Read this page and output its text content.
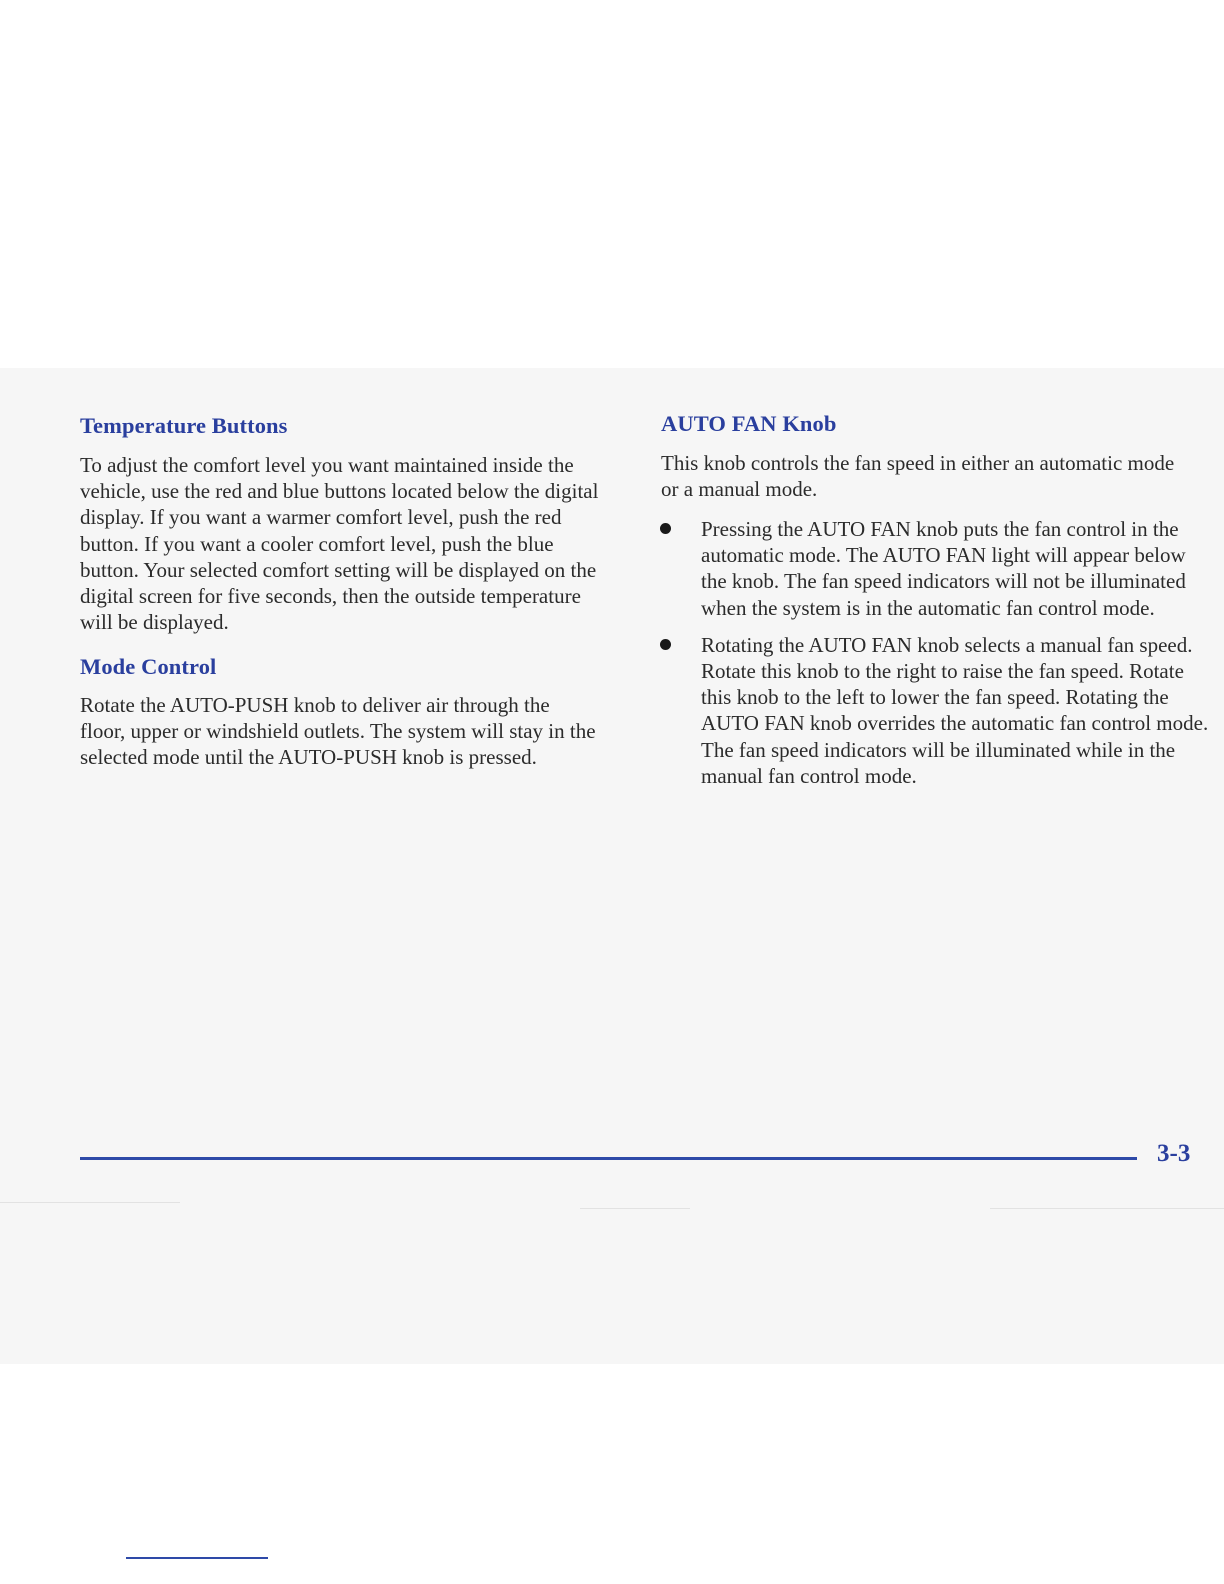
Temperature Buttons

To adjust the comfort level you want maintained inside the vehicle, use the red and blue buttons located below the digital display. If you want a warmer comfort level, push the red button. If you want a cooler comfort level, push the blue button. Your selected comfort setting will be displayed on the digital screen for five seconds, then the outside temperature will be displayed.

Mode Control

Rotate the AUTO-PUSH knob to deliver air through the floor, upper or windshield outlets. The system will stay in the selected mode until the AUTO-PUSH knob is pressed.

AUTO FAN Knob

This knob controls the fan speed in either an automatic mode or a manual mode.

Pressing the AUTO FAN knob puts the fan control in the automatic mode. The AUTO FAN light will appear below the knob. The fan speed indicators will not be illuminated when the system is in the automatic fan control mode.
Rotating the AUTO FAN knob selects a manual fan speed. Rotate this knob to the right to raise the fan speed. Rotate this knob to the left to lower the fan speed. Rotating the AUTO FAN knob overrides the automatic fan control mode. The fan speed indicators will be illuminated while in the manual fan control mode.
3-3
